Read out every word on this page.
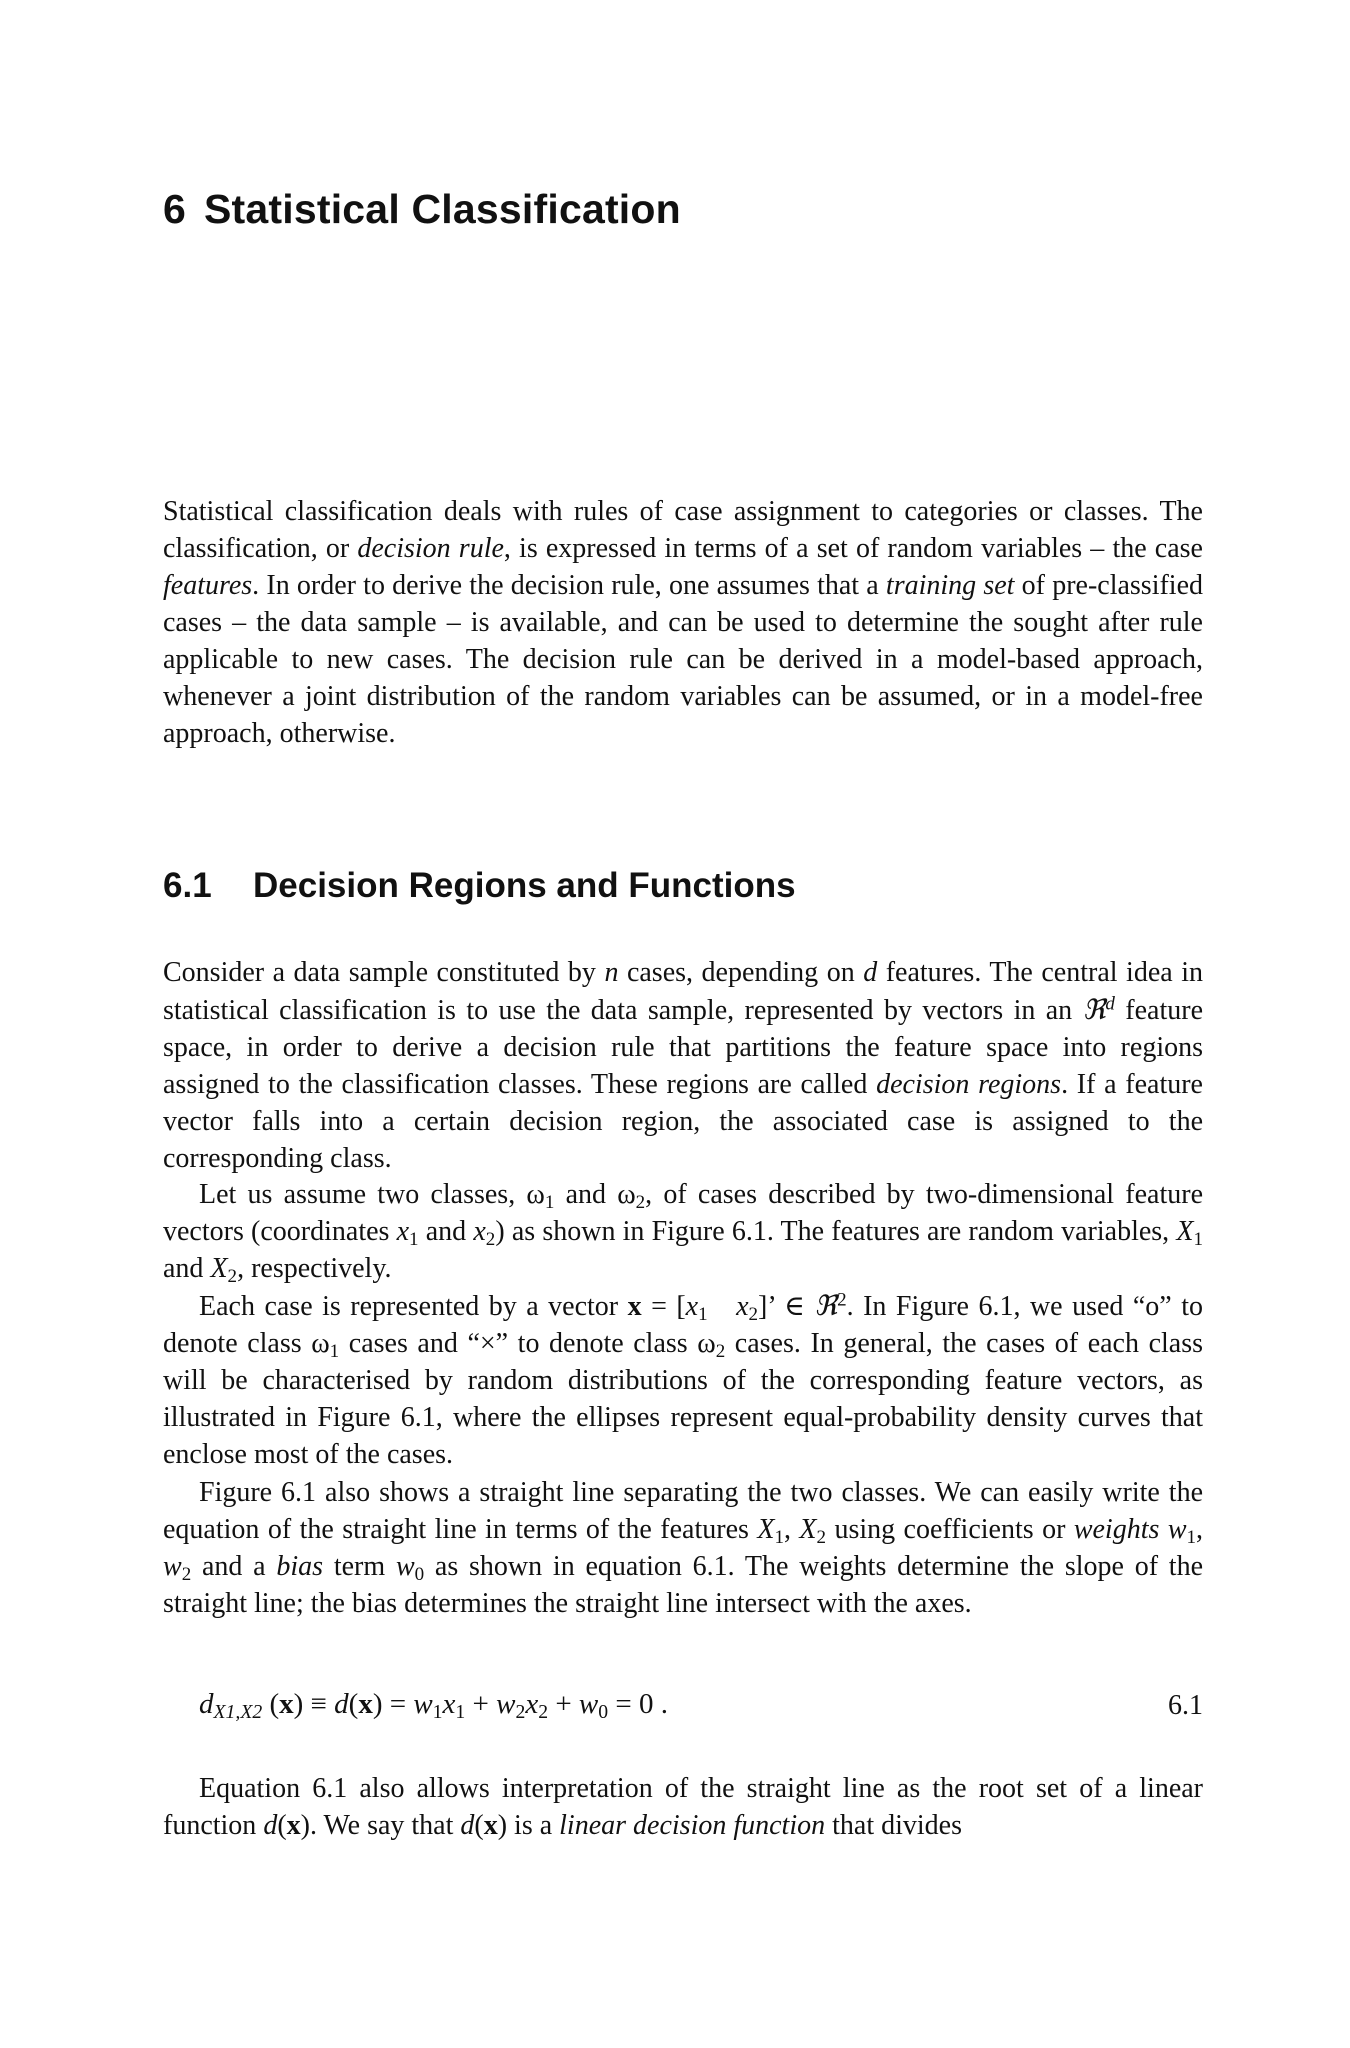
6 Statistical Classification

Statistical classification deals with rules of case assignment to categories or classes. The classification, or decision rule, is expressed in terms of a set of random variables – the case features. In order to derive the decision rule, one assumes that a training set of pre-classified cases – the data sample – is available, and can be used to determine the sought after rule applicable to new cases. The decision rule can be derived in a model-based approach, whenever a joint distribution of the random variables can be assumed, or in a model-free approach, otherwise.

6.1 Decision Regions and Functions

Consider a data sample constituted by n cases, depending on d features. The central idea in statistical classification is to use the data sample, represented by vectors in an ℜ$^d$ feature space, in order to derive a decision rule that partitions the feature space into regions assigned to the classification classes. These regions are called decision regions. If a feature vector falls into a certain decision region, the associated case is assigned to the corresponding class.

Let us assume two classes, $\omega_1$ and $\omega_2$, of cases described by two-dimensional feature vectors (coordinates $x_1$ and $x_2$) as shown in Figure 6.1. The features are random variables, $X_1$ and $X_2$, respectively.

Each case is represented by a vector $x = [x_1$ $x_2$]’ ∈ ℜ$^2$. In Figure 6.1, we used “o” to denote class $\omega_1$ cases and “×” to denote class $\omega_2$ cases. In general, the cases of each class will be characterised by random distributions of the corresponding feature vectors, as illustrated in Figure 6.1, where the ellipses represent equal-probability density curves that enclose most of the cases.

Figure 6.1 also shows a straight line separating the two classes. We can easily write the equation of the straight line in terms of the features $X_1$, $X_2$ using coefficients or weights $w_1$, $w_2$ and a bias term $w_0$ as shown in equation 6.1. The weights determine the slope of the straight line; the bias determines the straight line intersect with the axes.

$d_{X1,X2}$ $(x) \equiv d(x) = w_1x_1 + w_2x_2 + w_0 = 0$ .	6.1

Equation 6.1 also allows interpretation of the straight line as the root set of a linear function d(x). We say that d(x) is a linear decision function that divides
